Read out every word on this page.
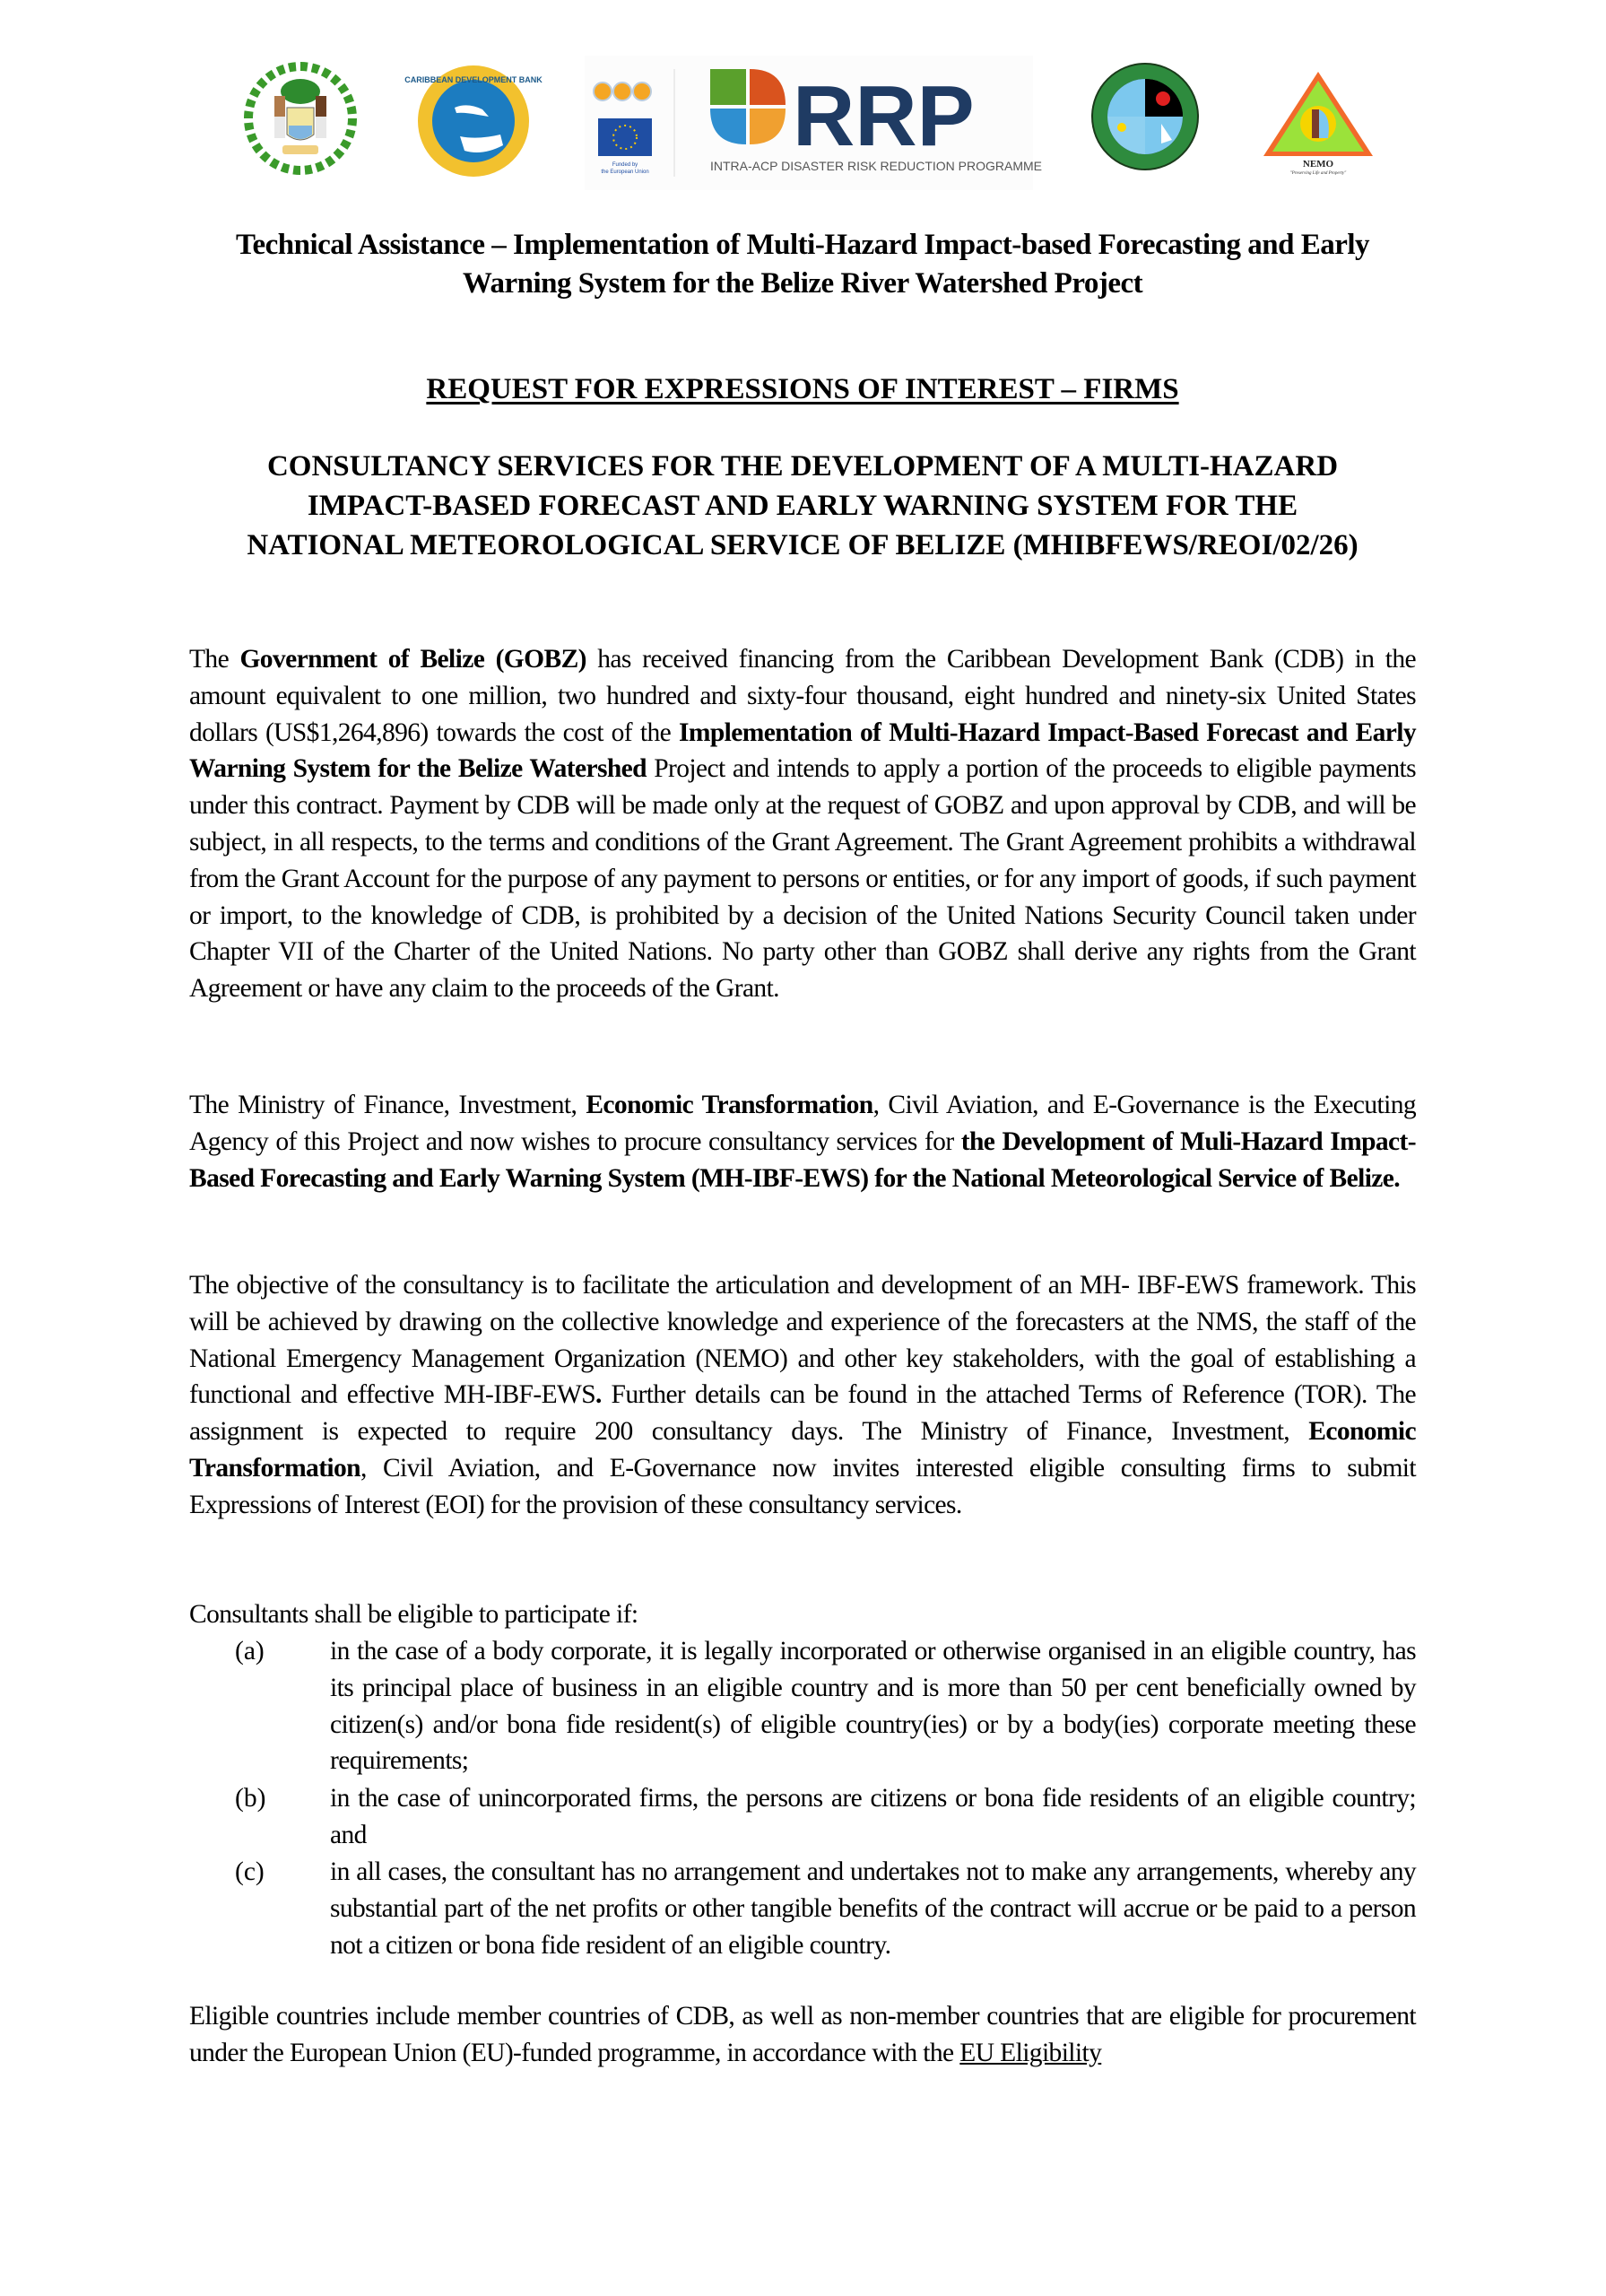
CARIBBEAN DEVELOPMENT BANK
Funded by
the European Union
RRP
INTRA-ACP DISASTER RISK REDUCTION PROGRAMME	NEMO
"Preserving Life and Property"
Technical Assistance – Implementation of Multi-Hazard Impact-based Forecasting and Early
Warning System for the Belize River Watershed Project
REQUEST FOR EXPRESSIONS OF INTEREST – FIRMS
CONSULTANCY SERVICES FOR THE DEVELOPMENT OF A MULTI-HAZARD
IMPACT-BASED FORECAST AND EARLY WARNING SYSTEM FOR THE
NATIONAL METEOROLOGICAL SERVICE OF BELIZE (MHIBFEWS/REOI/02/26)
The Government of Belize (GOBZ) has received financing from the Caribbean Development Bank (CDB) in the amount equivalent to one million, two hundred and sixty-four thousand, eight hundred and ninety-six United States dollars (US$1,264,896) towards the cost of the Implementation of Multi-Hazard Impact-Based Forecast and Early Warning System for the Belize Watershed Project and intends to apply a portion of the proceeds to eligible payments under this contract. Payment by CDB will be made only at the request of GOBZ and upon approval by CDB, and will be subject, in all respects, to the terms and conditions of the Grant Agreement. The Grant Agreement prohibits a withdrawal from the Grant Account for the purpose of any payment to persons or entities, or for any import of goods, if such payment or import, to the knowledge of CDB, is prohibited by a decision of the United Nations Security Council taken under Chapter VII of the Charter of the United Nations. No party other than GOBZ shall derive any rights from the Grant Agreement or have any claim to the proceeds of the Grant.
The Ministry of Finance, Investment, Economic Transformation, Civil Aviation, and E-Governance is the Executing Agency of this Project and now wishes to procure consultancy services for the Development of Muli-Hazard Impact-Based Forecasting and Early Warning System (MH-IBF-EWS) for the National Meteorological Service of Belize.
The objective of the consultancy is to facilitate the articulation and development of an MH- IBF-EWS framework. This will be achieved by drawing on the collective knowledge and experience of the forecasters at the NMS, the staff of the National Emergency Management Organization (NEMO) and other key stakeholders, with the goal of establishing a functional and effective MH-IBF-EWS. Further details can be found in the attached Terms of Reference (TOR). The assignment is expected to require 200 consultancy days. The Ministry of Finance, Investment, Economic Transformation, Civil Aviation, and E-Governance now invites interested eligible consulting firms to submit Expressions of Interest (EOI) for the provision of these consultancy services.
Consultants shall be eligible to participate if:
(a) in the case of a body corporate, it is legally incorporated or otherwise organised in an eligible country, has its principal place of business in an eligible country and is more than 50 per cent beneficially owned by citizen(s) and/or bona fide resident(s) of eligible country(ies) or by a body(ies) corporate meeting these requirements;
(b) in the case of unincorporated firms, the persons are citizens or bona fide residents of an eligible country; and
(c) in all cases, the consultant has no arrangement and undertakes not to make any arrangements, whereby any substantial part of the net profits or other tangible benefits of the contract will accrue or be paid to a person not a citizen or bona fide resident of an eligible country.
Eligible countries include member countries of CDB, as well as non-member countries that are eligible for procurement under the European Union (EU)-funded programme, in accordance with the EU Eligibility
